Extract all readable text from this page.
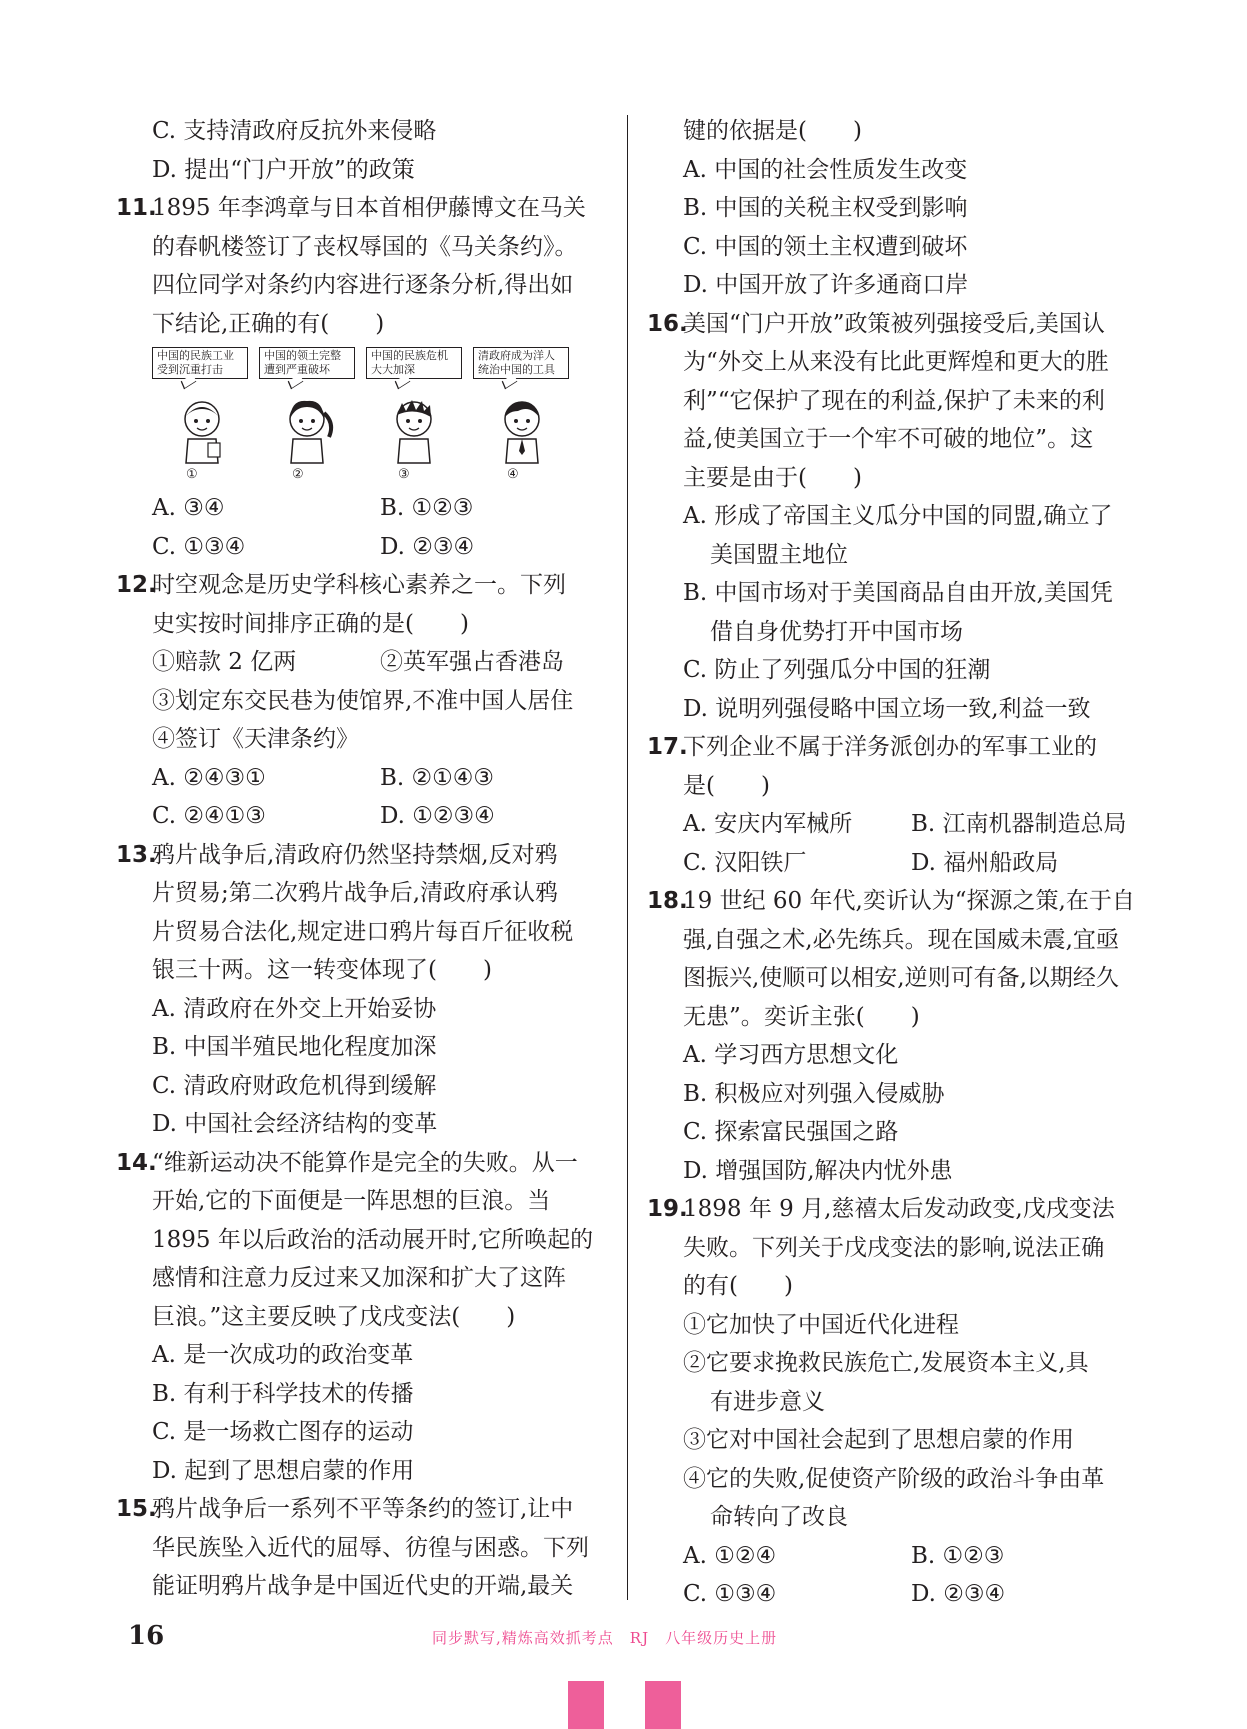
C. 支持清政府反抗外来侵略
D. 提出“门户开放”的政策
11.
1895 年李鸿章与日本首相伊藤博文在马关
的春帆楼签订了丧权辱国的《马关条约》。
四位同学对条约内容进行逐条分析,得出如
下结论,正确的有(　　)
中国的民族工业受到沉重打击
中国的领土完整遭到严重破坏
中国的民族危机大大加深
清政府成为洋人统治中国的工具
①	②	③	④
A. ③④	B. ①②③
C. ①③④	D. ②③④
12.
时空观念是历史学科核心素养之一。下列
史实按时间排序正确的是(　　)
①赔款 2 亿两	②英军强占香港岛
③划定东交民巷为使馆界,不准中国人居住
④签订《天津条约》
A. ②④③①	B. ②①④③
C. ②④①③	D. ①②③④
13.
鸦片战争后,清政府仍然坚持禁烟,反对鸦
片贸易;第二次鸦片战争后,清政府承认鸦
片贸易合法化,规定进口鸦片每百斤征收税
银三十两。这一转变体现了(　　)
A. 清政府在外交上开始妥协
B. 中国半殖民地化程度加深
C. 清政府财政危机得到缓解
D. 中国社会经济结构的变革
14.
“维新运动决不能算作是完全的失败。从一
开始,它的下面便是一阵思想的巨浪。当
1895 年以后政治的活动展开时,它所唤起的
感情和注意力反过来又加深和扩大了这阵
巨浪。”这主要反映了戊戌变法(　　)
A. 是一次成功的政治变革
B. 有利于科学技术的传播
C. 是一场救亡图存的运动
D. 起到了思想启蒙的作用
15.
鸦片战争后一系列不平等条约的签订,让中
华民族坠入近代的屈辱、彷徨与困惑。下列
能证明鸦片战争是中国近代史的开端,最关
键的依据是(　　)
A. 中国的社会性质发生改变
B. 中国的关税主权受到影响
C. 中国的领土主权遭到破坏
D. 中国开放了许多通商口岸
16.
美国“门户开放”政策被列强接受后,美国认
为“外交上从来没有比此更辉煌和更大的胜
利”“它保护了现在的利益,保护了未来的利
益,使美国立于一个牢不可破的地位”。这
主要是由于(　　)
A. 形成了帝国主义瓜分中国的同盟,确立了
美国盟主地位
B. 中国市场对于美国商品自由开放,美国凭
借自身优势打开中国市场
C. 防止了列强瓜分中国的狂潮
D. 说明列强侵略中国立场一致,利益一致
17.
下列企业不属于洋务派创办的军事工业的
是(　　)
A. 安庆内军械所	B. 江南机器制造总局
C. 汉阳铁厂	D. 福州船政局
18.
19 世纪 60 年代,奕䜣认为“探源之策,在于自
强,自强之术,必先练兵。现在国威未震,宜亟
图振兴,使顺可以相安,逆则可有备,以期经久
无患”。奕䜣主张(　　)
A. 学习西方思想文化
B. 积极应对列强入侵威胁
C. 探索富民强国之路
D. 增强国防,解决内忧外患
19.
1898 年 9 月,慈禧太后发动政变,戊戌变法
失败。下列关于戊戌变法的影响,说法正确
的有(　　)
①它加快了中国近代化进程
②它要求挽救民族危亡,发展资本主义,具
有进步意义
③它对中国社会起到了思想启蒙的作用
④它的失败,促使资产阶级的政治斗争由革
命转向了改良
A. ①②④	B. ①②③
C. ①③④	D. ②③④
16	同步默写,精炼高效抓考点　RJ　八年级历史上册
